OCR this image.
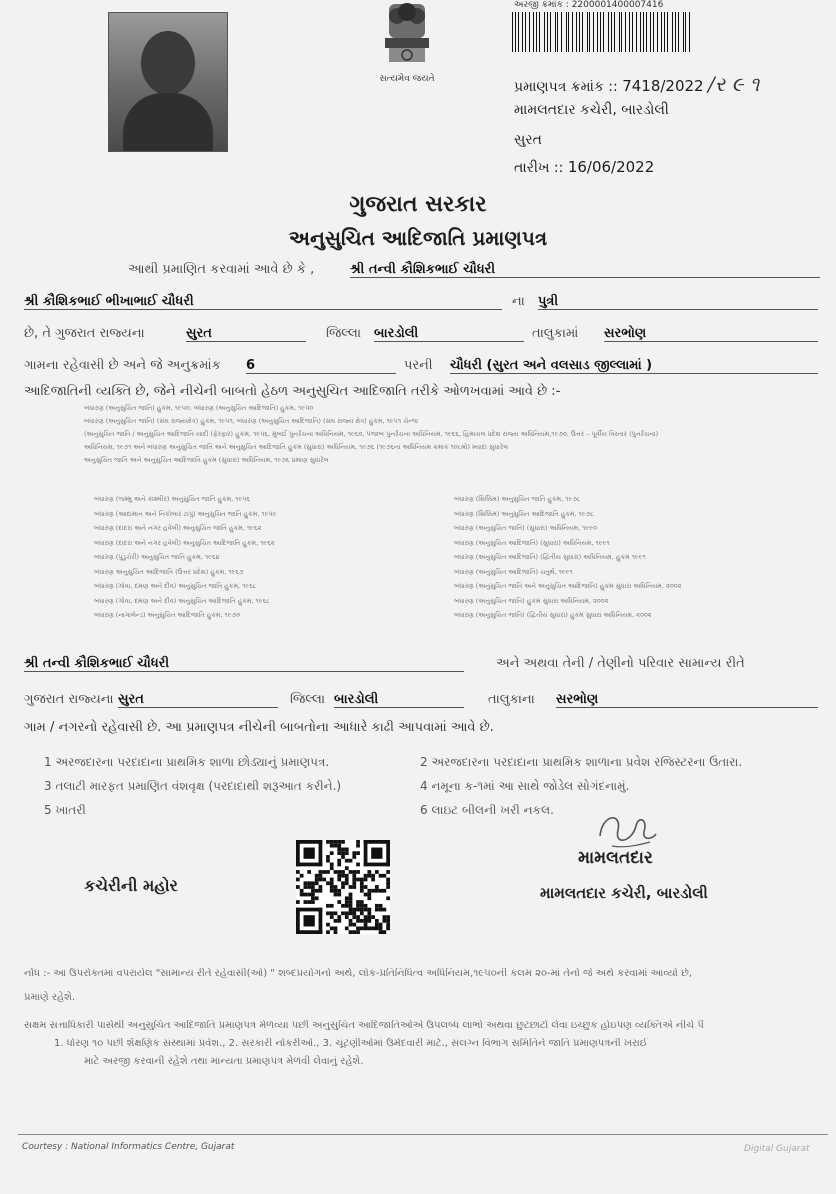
સત્યમેવ જયતે
અરજી ક્રમાંક : 2200001400007416
પ્રમાણપત્ર ક્રમાંક :: 7418/2022 /ર ૯ ૧
મામલતદાર કચેરી, બારડોલી
સુરત
તારીખ :: 16/06/2022
ગુજરાત સરકાર
અનુસુચિત આદિજાતિ પ્રમાણપત્ર
આથી પ્રમાણિત કરવામાં આવે છે કે ,	શ્રી તન્વી કૌશિકભાઈ ચૌધરી
શ્રી કૌશિકભાઈ ભીખાભાઈ ચૌધરી	ના પુત્રી
છે, તે ગુજરાત રાજ્યના	સુરત	જિલ્લા બારડોલી	તાલુકામાં સરભોણ
ગામના રહેવાસી છે અને જે અનુક્રમાંક 6	પરની ચૌધરી (સુરત અને વલસાડ જીલ્લામાં )
આદિજાતિની વ્યક્તિ છે, જેને નીચેની બાબતો હેઠળ અનુસુચિત આદિજાતિ તરીકે ઓળખવામાં આવે છે :-
બંધારણ (અનુસુચિત જાતિ) હુકમ, ૧૯૫૦, બંધારણ (અનુસુચિત આદિજાતિ) હુકમ, ૧૯૫૦
બંધારણ (અનુસુચિત જાતિ) (સંઘ રાજ્યક્ષેત્ર) હુકમ, ૧૯૫૧, બંધારણ (અનુસુચિત આદિજાતિ) (સંઘ રાજ્ય ક્ષેત્ર) હુકમ, ૧૯૫૧ ચેન્જ
(અનુસુચિત જાતિ / અનુસુચિત આદિજાતિ યાદી (ફેરફાર) હુકમ, ૧૯૫૬, મુંબઈ પુનર્રચના અધિનિયમ, ૧૯૬૦, પંજાબ પુનર્રચના અધિનિયમ, ૧૯૬૬, હિમાચલ પ્રદેશ રાજ્ય અધિનિયમ,૧૯૭૦, ઉત્તર – પૂર્વીય વિસ્તાર (પુનર્રચના)
અધિનિયમ, ૧૯૭૧ અને બંધારણ અનુસુચિત જાતિ અને અનુસુચિત આદિજાતિ હુકમ (સુધારા) અધિનિયમ, ૧૯૭૬ (૧૯૭૬ના અધિનિયમ ક્રમાંક ૧૦૮મો) મ્યાદા સુધારેલ
અનુસુચિત જાતિ અને અનુસુચિત આદિજાતિ હુકમ (સુધારા) અધિનિયમ, ૧૯૭૬ પ્રમાણ સુધારેલ
બંધારણ (જમ્મુ અને કાશ્મીર) અનુસુચિત જાતિ હુકમ, ૧૯૫૬
બંધારણ (આંદામાન અને નિકોબાર ટાપુ) અનુસુચિત જાતિ હુકમ, ૧૯૫૯
બંધારણ (દાદરા અને નગર હવેલી) અનુસુચિત જાતિ હુકમ, ૧૯૬૨
બંધારણ (દાદરા અને નગર હવેલી) અનુસુચિત આદિજાતિ હુકમ, ૧૯૬૨
બંધારણ (પુડુચેરી) અનુસુચિત જાતિ હુકમ, ૧૯૬૪
બંધારણ અનુસુચિત આદિજાતિ (ઉત્તર પ્રદેશ) હુકમ, ૧૯૬૭
બંધારણ (ગોવા, દમણ અને દીવ) અનુસુચિત જાતિ હુકમ, ૧૯૬૮
બંધારણ (ગોવા, દમણ અને દીવ) અનુસુચિત આદિજાતિ હુકમ, ૧૯૬૮
બંધારણ (નાગાલેન્ડ) અનુસુચિત આદિજાતિ હુકમ, ૧૯૭૦
બંધારણ (સિક્કિમ) અનુસુચિત જાતિ હુકમ, ૧૯૭૮
બંધારણ (સિક્કિમ) અનુસુચિત આદિજાતિ હુકમ, ૧૯૭૮
બંધારણ (અનુસુચિત જાતિ) (સુધારા) અધિનિયમ, ૧૯૯૦
બંધારણ (અનુસુચિત આદિજાતિ) (સુધારા) અધિનિયમ, ૧૯૯૧
બંધારણ (અનુસુચિત આદિજાતિ) (દ્વિતીય સુધારા) અધિનિયમ, હુકમ ૧૯૯૧
બંધારણ (અનુસુચિત આદિજાતિ) ચતુર્થ, ૧૯૯૧
બંધારણ (અનુસુચિત જાતિ અને અનુસુચિત આદિજાતિ) હુકમ સુધારા અધિનિયમ, ૨૦૦૨
બંધારણ (અનુસુચિત જાતિ) હુકમ સુધારા અધિનિયમ, ૨૦૦૨
બંધારણ (અનુસુચિત જાતિ) (દ્વિતીય સુધારા) હુકમ સુધારા અધિનિયમ, ૨૦૦૨
શ્રી તન્વી કૌશિકભાઈ ચૌધરી	અને અથવા તેની / તેણીનો પરિવાર સામાન્ય રીતે
ગુજરાત રાજ્યના સુરત	જિલ્લા બારડોલી	તાલુકાના સરભોણ
ગામ / નગરનો રહેવાસી છે. આ પ્રમાણપત્ર નીચેની બાબતોના આધારે કાઢી આપવામાં આવે છે.
1 અરજદારના પરદાદાના પ્રાથમિક શાળા છોડ્યાનું પ્રમાણપત્ર.
3 તલાટી મારફત પ્રમાણિત વંશવૃક્ષ (પરદાદાથી શરૂઆત કરીને.)
5 ખાતરી
2 અરજદારના પરદાદાના પ્રાથમિક શાળાના પ્રવેશ રજિસ્ટરના ઉતારા.
4 નમૂના ક-૧માં આ સાથે જોડેલ સોગંદનામું.
6 લાઇટ બીલની ખરી નકલ.
કચેરીની મહોર
મામલતદાર
મામલતદાર કચેરી, બારડોલી
નોંધ :- આ ઉપરોક્તમાં વપરાયેલ "સામાન્ય રીતે રહેવાસી(ઓ) " શબ્દપ્રયોગનો અર્થ, લોક-પ્રતિનિધિત્વ અધિનિયમ,૧૯૫૦ની કલમ ૨૦-માં તેનો જે અર્થ કરવામાં આવ્યો છે,
પ્રમાણે રહેશે.
સક્ષમ સત્તાધિકારી પાસેથી અનુસુચિત આદિજાતિ પ્રમાણપત્ર મેળવ્યા પછી અનુસુચિત આદિજાતિઓએ ઉપલબ્ધ લાભો અથવા છુટછાટો લેવા ઇચ્છુક હોઇપણ વ્યક્તિએ નીચે પૈ
1. ધોરણ ૧૦ પછી શૈક્ષણિક સંસ્થામાં પ્રવેશ., 2. સરકારી નોકરીઓ., 3. ચૂંટણીઓમાં ઉમેદવારી માટે., સંલગ્ન વિભાગ સમિતિને જાતિ પ્રમાણપત્રની ખરાઈ
માટે અરજી કરવાની રહેશે તથા માન્યતા પ્રમાણપત્ર મેળવી લેવાનું રહેશે.
Courtesy : National Informatics Centre, Gujarat	Digital Gujarat
